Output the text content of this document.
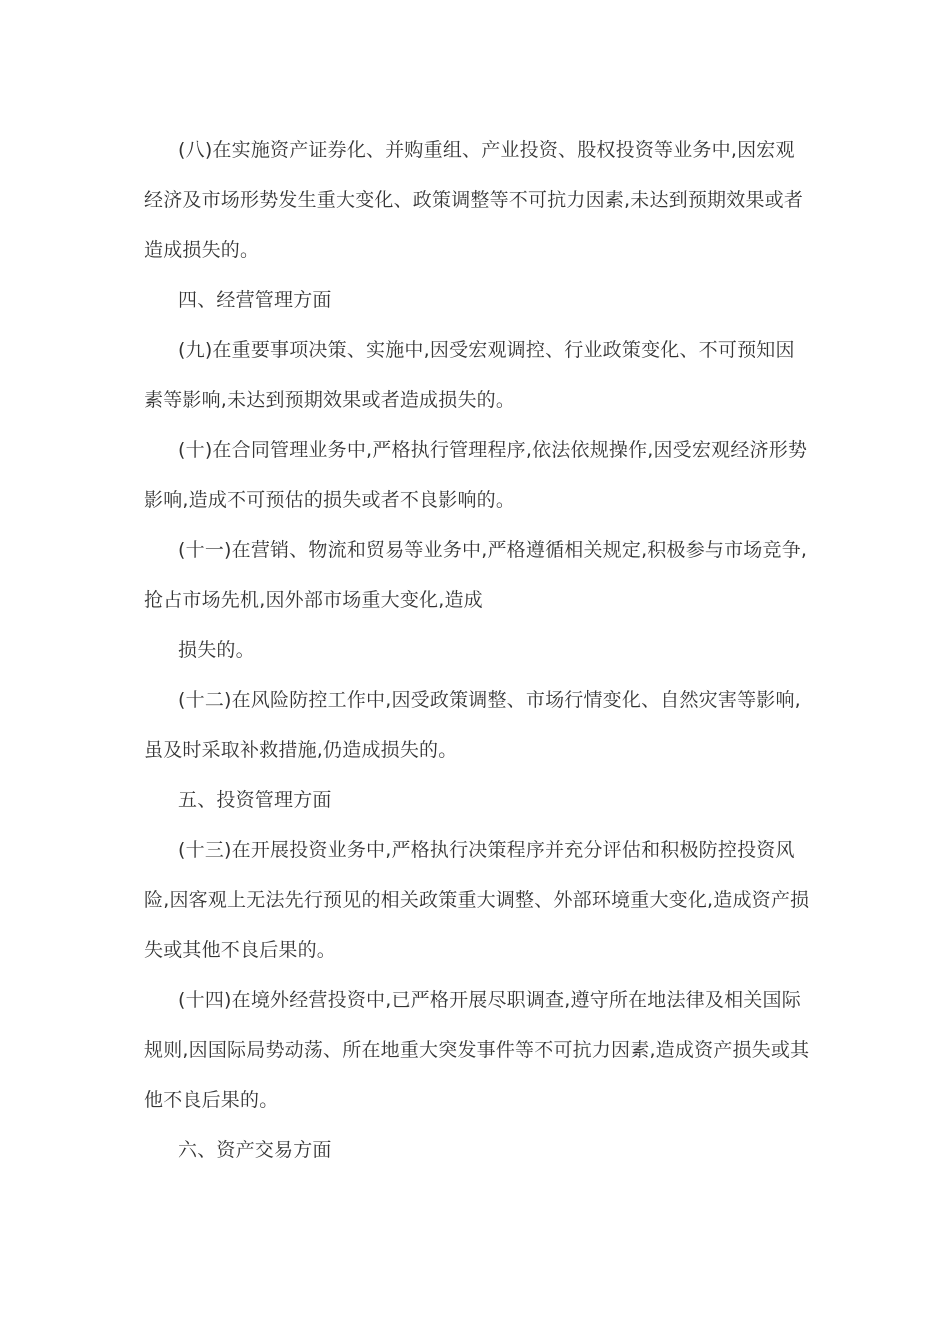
(八)在实施资产证券化、并购重组、产业投资、股权投资等业务中,因宏观
经济及市场形势发生重大变化、政策调整等不可抗力因素,未达到预期效果或者
造成损失的。
四、经营管理方面
(九)在重要事项决策、实施中,因受宏观调控、行业政策变化、不可预知因
素等影响,未达到预期效果或者造成损失的。
(十)在合同管理业务中,严格执行管理程序,依法依规操作,因受宏观经济形势
影响,造成不可预估的损失或者不良影响的。
(十一)在营销、物流和贸易等业务中,严格遵循相关规定,积极参与市场竞争,
抢占市场先机,因外部市场重大变化,造成
损失的。
(十二)在风险防控工作中,因受政策调整、市场行情变化、自然灾害等影响,
虽及时采取补救措施,仍造成损失的。
五、投资管理方面
(十三)在开展投资业务中,严格执行决策程序并充分评估和积极防控投资风
险,因客观上无法先行预见的相关政策重大调整、外部环境重大变化,造成资产损
失或其他不良后果的。
(十四)在境外经营投资中,已严格开展尽职调查,遵守所在地法律及相关国际
规则,因国际局势动荡、所在地重大突发事件等不可抗力因素,造成资产损失或其
他不良后果的。
六、资产交易方面
